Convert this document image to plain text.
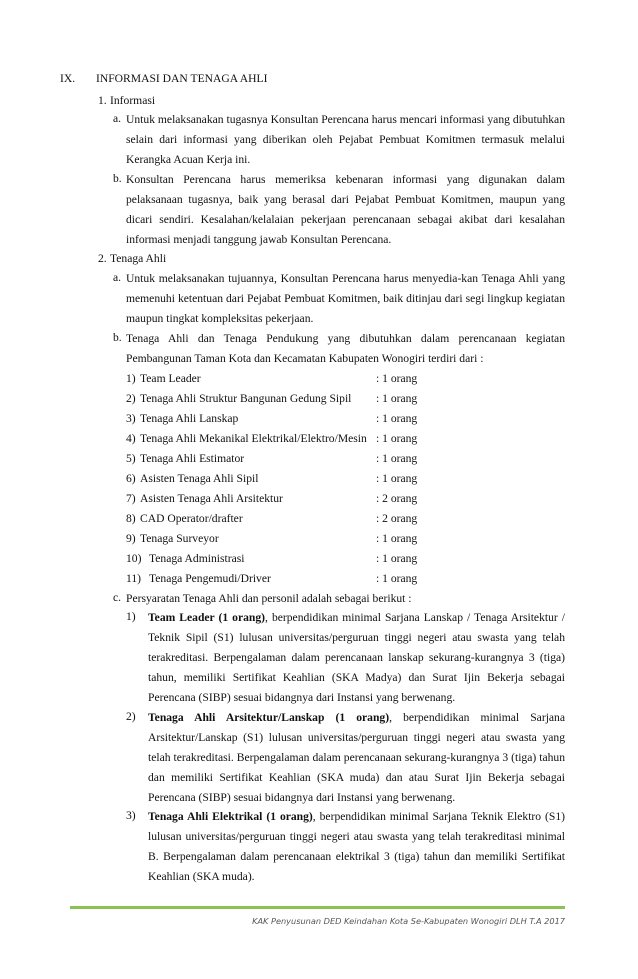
IX. INFORMASI DAN TENAGA AHLI
1. Informasi
a. Untuk melaksanakan tugasnya Konsultan Perencana harus mencari informasi yang dibutuhkan selain dari informasi yang diberikan oleh Pejabat Pembuat Komitmen termasuk melalui Kerangka Acuan Kerja ini.
b. Konsultan Perencana harus memeriksa kebenaran informasi yang digunakan dalam pelaksanaan tugasnya, baik yang berasal dari Pejabat Pembuat Komitmen, maupun yang dicari sendiri. Kesalahan/kelalaian pekerjaan perencanaan sebagai akibat dari kesalahan informasi menjadi tanggung jawab Konsultan Perencana.
2. Tenaga Ahli
a. Untuk melaksanakan tujuannya, Konsultan Perencana harus menyedia-kan Tenaga Ahli yang memenuhi ketentuan dari Pejabat Pembuat Komitmen, baik ditinjau dari segi lingkup kegiatan maupun tingkat kompleksitas pekerjaan.
b. Tenaga Ahli dan Tenaga Pendukung yang dibutuhkan dalam perencanaan kegiatan Pembangunan Taman Kota dan Kecamatan Kabupaten Wonogiri terdiri dari :
1) Team Leader	: 1 orang
2) Tenaga Ahli Struktur Bangunan Gedung Sipil : 1 orang
3) Tenaga Ahli Lanskap	: 1 orang
4) Tenaga Ahli Mekanikal Elektrikal/Elektro/Mesin : 1 orang
5) Tenaga Ahli Estimator	: 1 orang
6) Asisten Tenaga Ahli Sipil	: 1 orang
7) Asisten Tenaga Ahli Arsitektur	: 2 orang
8) CAD Operator/drafter	: 2 orang
9) Tenaga Surveyor	: 1 orang
10) Tenaga Administrasi	: 1 orang
11) Tenaga Pengemudi/Driver	: 1 orang
c. Persyaratan Tenaga Ahli dan personil adalah sebagai berikut :
1) Team Leader (1 orang), berpendidikan minimal Sarjana Lanskap / Tenaga Arsitektur / Teknik Sipil (S1) lulusan universitas/perguruan tinggi negeri atau swasta yang telah terakreditasi. Berpengalaman dalam perencanaan lanskap sekurang-kurangnya 3 (tiga) tahun, memiliki Sertifikat Keahlian (SKA Madya) dan Surat Ijin Bekerja sebagai Perencana (SIBP) sesuai bidangnya dari Instansi yang berwenang.
2) Tenaga Ahli Arsitektur/Lanskap (1 orang), berpendidikan minimal Sarjana Arsitektur/Lanskap (S1) lulusan universitas/perguruan tinggi negeri atau swasta yang telah terakreditasi. Berpengalaman dalam perencanaan sekurang-kurangnya 3 (tiga) tahun dan memiliki Sertifikat Keahlian (SKA muda) dan atau Surat Ijin Bekerja sebagai Perencana (SIBP) sesuai bidangnya dari Instansi yang berwenang.
3) Tenaga Ahli Elektrikal (1 orang), berpendidikan minimal Sarjana Teknik Elektro (S1) lulusan universitas/perguruan tinggi negeri atau swasta yang telah terakreditasi minimal B. Berpengalaman dalam perencanaan elektrikal 3 (tiga) tahun dan memiliki Sertifikat Keahlian (SKA muda).
KAK Penyusunan DED Keindahan Kota Se-Kabupaten Wonogiri DLH T.A 2017
